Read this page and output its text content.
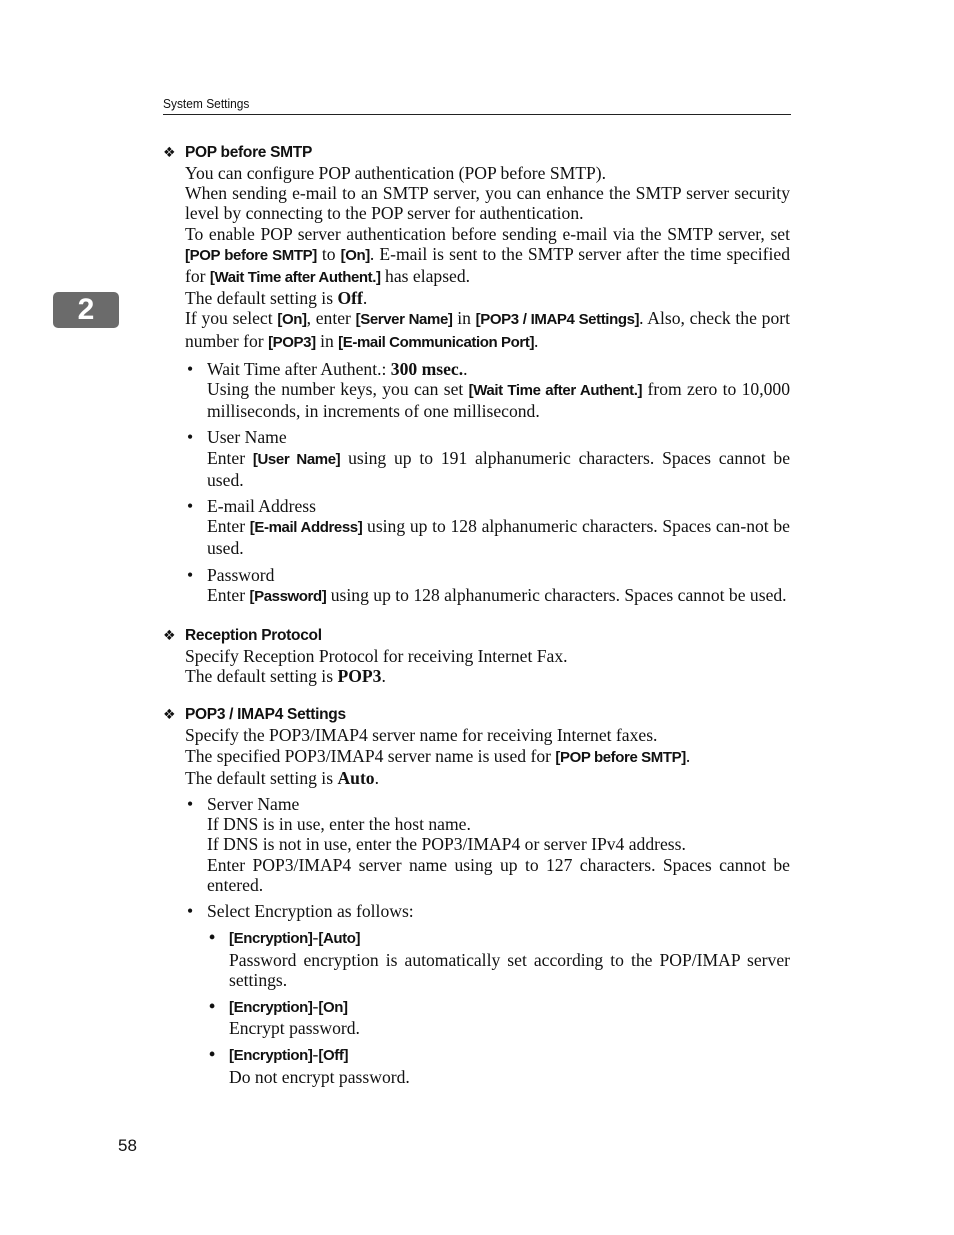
System Settings
2
❖ POP before SMTP

You can configure POP authentication (POP before SMTP).

When sending e-mail to an SMTP server, you can enhance the SMTP server security level by connecting to the POP server for authentication.

To enable POP server authentication before sending e-mail via the SMTP server, set [POP before SMTP] to [On]. E-mail is sent to the SMTP server after the time specified for [Wait Time after Authent.] has elapsed.

The default setting is Off.

If you select [On], enter [Server Name] in [POP3 / IMAP4 Settings]. Also, check the port number for [POP3] in [E-mail Communication Port].

• Wait Time after Authent.: 300 msec..

Using the number keys, you can set [Wait Time after Authent.] from zero to 10,000 milliseconds, in increments of one millisecond.

• User Name

Enter [User Name] using up to 191 alphanumeric characters. Spaces cannot be used.

• E-mail Address

Enter [E-mail Address] using up to 128 alphanumeric characters. Spaces can-not be used.

• Password

Enter [Password] using up to 128 alphanumeric characters. Spaces cannot be used.

❖ Reception Protocol

Specify Reception Protocol for receiving Internet Fax.

The default setting is POP3.

❖ POP3 / IMAP4 Settings

Specify the POP3/IMAP4 server name for receiving Internet faxes.

The specified POP3/IMAP4 server name is used for [POP before SMTP].

The default setting is Auto.

• Server Name

If DNS is in use, enter the host name.

If DNS is not in use, enter the POP3/IMAP4 or server IPv4 address.

Enter POP3/IMAP4 server name using up to 127 characters. Spaces cannot be entered.

• Select Encryption as follows:

• [Encryption]-[Auto]

Password encryption is automatically set according to the POP/IMAP server settings.

• [Encryption]-[On]

Encrypt password.

• [Encryption]-[Off]

Do not encrypt password.

58
